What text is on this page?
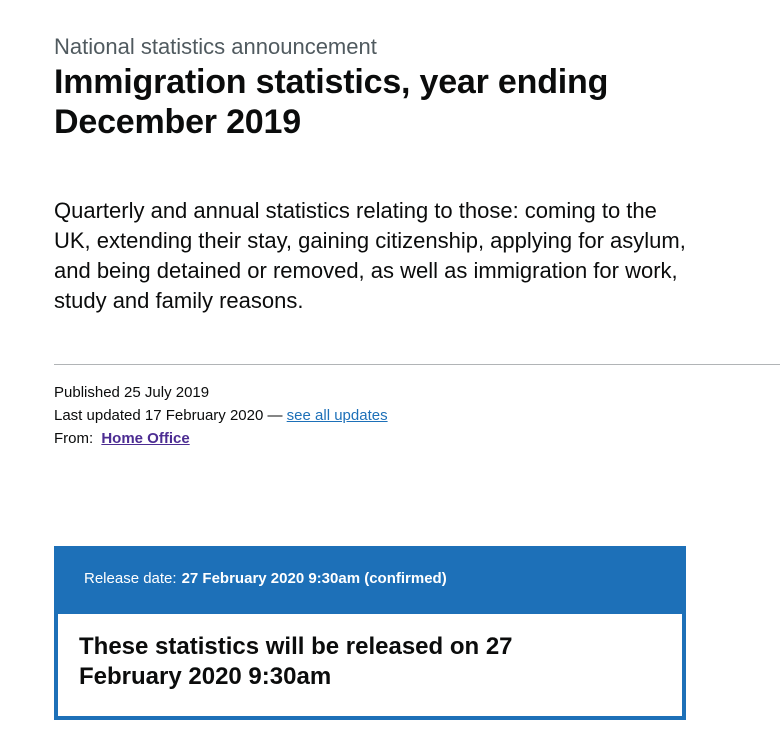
National statistics announcement

Immigration statistics, year ending December 2019

Quarterly and annual statistics relating to those: coming to the UK, extending their stay, gaining citizenship, applying for asylum, and being detained or removed, as well as immigration for work, study and family reasons.

Published 25 July 2019

Last updated 17 February 2020 — see all updates

From: Home Office

Release date: 27 February 2020 9:30am (confirmed)

These statistics will be released on 27 February 2020 9:30am
